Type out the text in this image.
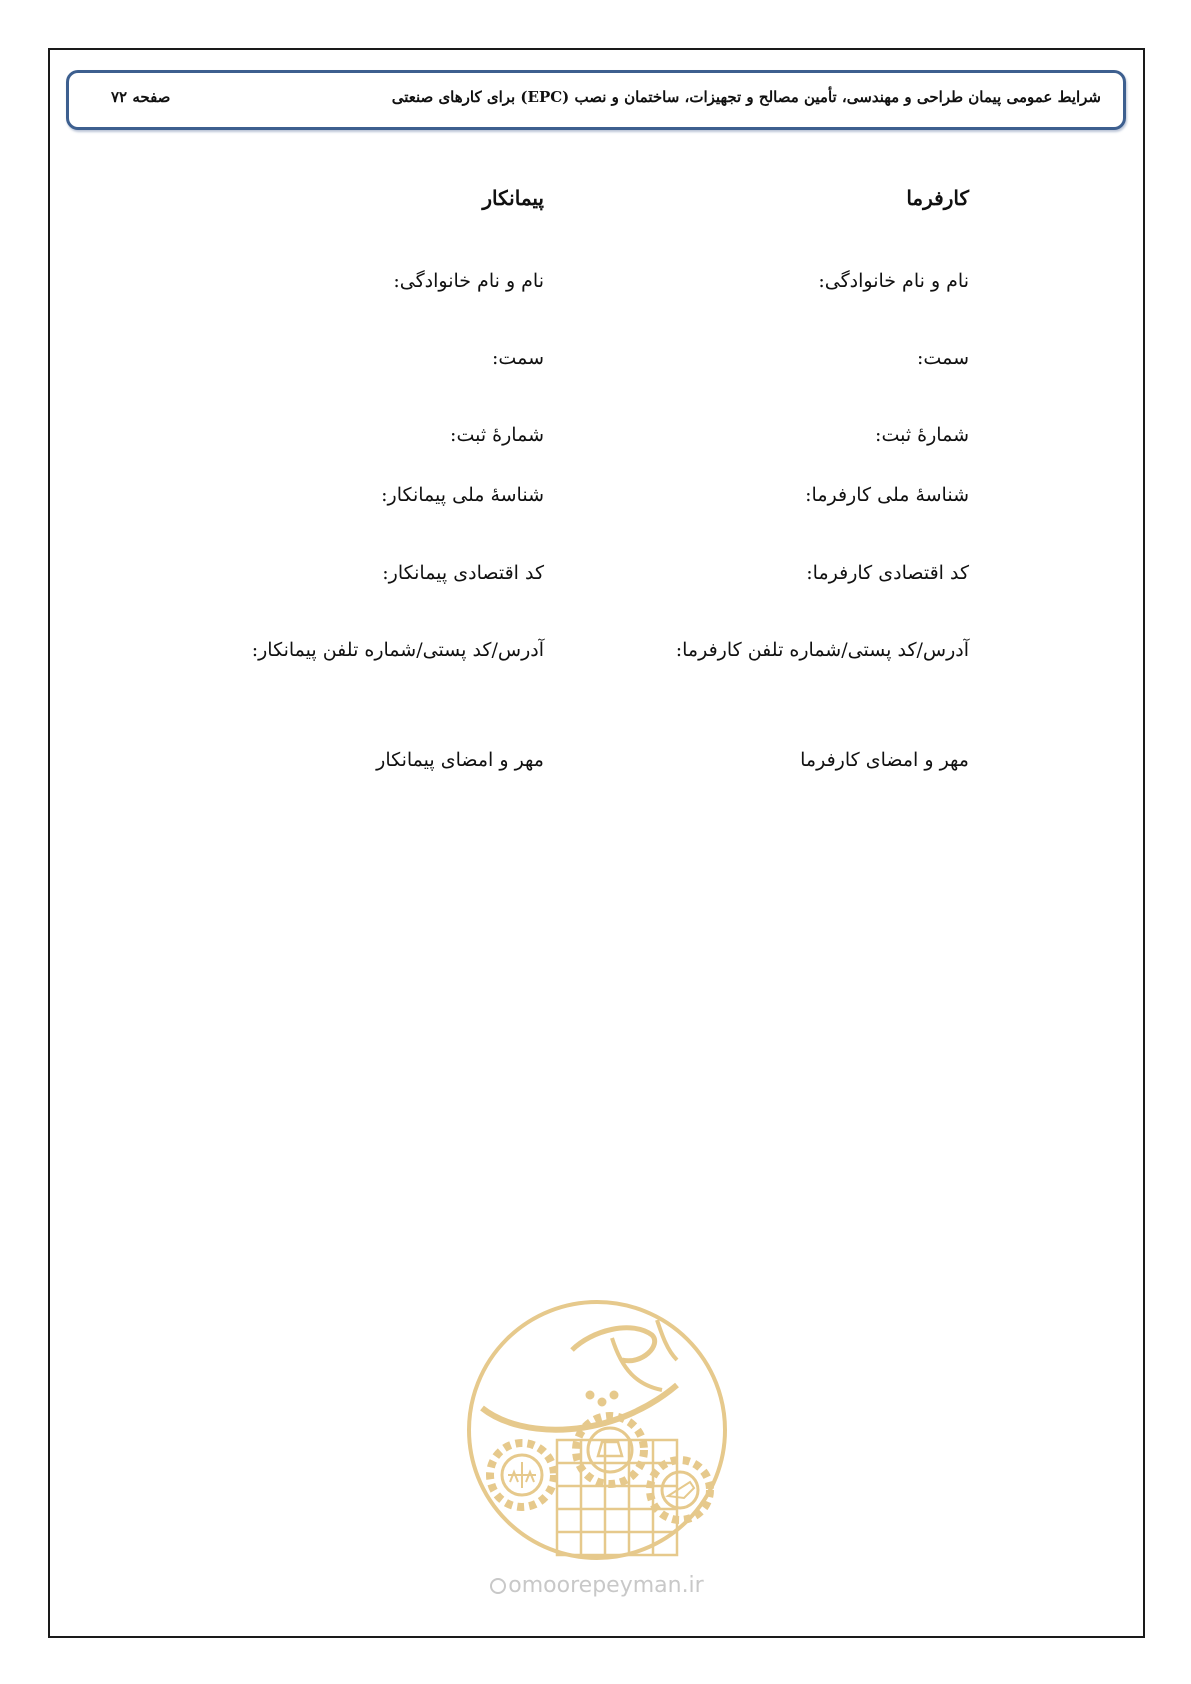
شرایط عمومی پیمان طراحی و مهندسی، تأمین مصالح و تجهیزات، ساختمان و نصب (EPC) برای کارهای صنعتی
صفحه ۷۲
کارفرما
نام و نام خانوادگی:
سمت:
شمارۀ ثبت:
شناسۀ ملی کارفرما:
کد اقتصادی کارفرما:
آدرس/کد پستی/شماره تلفن کارفرما:
مهر و امضای کارفرما
پیمانکار
نام و نام خانوادگی:
سمت:
شمارۀ ثبت:
شناسۀ ملی پیمانکار:
کد اقتصادی پیمانکار:
آدرس/کد پستی/شماره تلفن پیمانکار:
مهر و امضای پیمانکار
omoorepeyman.ir
